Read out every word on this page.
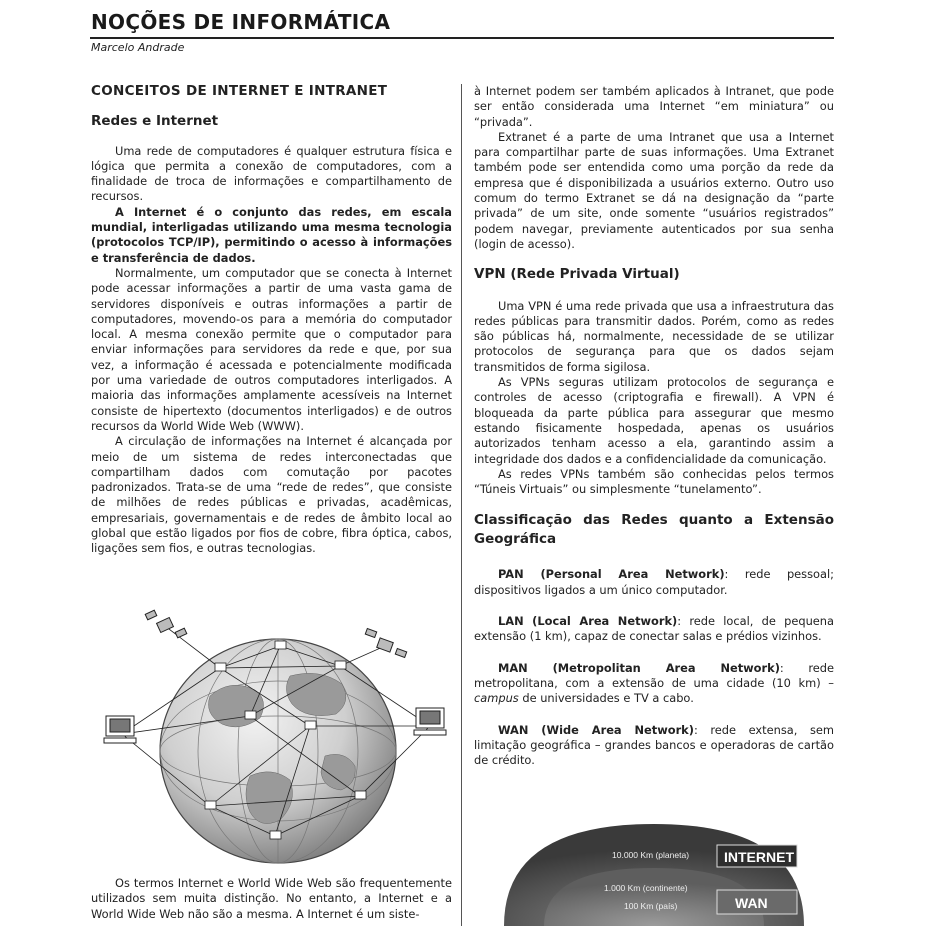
NOÇÕES DE INFORMÁTICA
Marcelo Andrade
CONCEITOS DE INTERNET E INTRANET
Redes e Internet

Uma rede de computadores é qualquer estrutura física e lógica que permita a conexão de computadores, com a finalidade de troca de informações e compartilhamento de recursos.

A Internet é o conjunto das redes, em escala mundial, interligadas utilizando uma mesma tecnologia (protocolos TCP/IP), permitindo o acesso à informações e transferência de dados.

Normalmente, um computador que se conecta à Internet pode acessar informações a partir de uma vasta gama de servidores disponíveis e outras informações a partir de computadores, movendo-os para a memória do computador local. A mesma conexão permite que o computador para enviar informações para servidores da rede e que, por sua vez, a informação é acessada e potencialmente modificada por uma variedade de outros computadores interligados. A maioria das informações amplamente acessíveis na Internet consiste de hipertexto (documentos interligados) e de outros recursos da World Wide Web (WWW).

A circulação de informações na Internet é alcançada por meio de um sistema de redes interconectadas que compartilham dados com comutação por pacotes padronizados. Trata-se de uma “rede de redes”, que consiste de milhões de redes públicas e privadas, acadêmicas, empresariais, governamentais e de redes de âmbito local ao global que estão ligados por fios de cobre, fibra óptica, cabos, ligações sem fios, e outras tecnologias.

Os termos Internet e World Wide Web são frequentemente utilizados sem muita distinção. No entanto, a Internet e a World Wide Web não são a mesma. A Internet é um siste-

à Internet podem ser também aplicados à Intranet, que pode ser então considerada uma Internet “em miniatura” ou “privada”.

Extranet é a parte de uma Intranet que usa a Internet para compartilhar parte de suas informações. Uma Extranet também pode ser entendida como uma porção da rede da empresa que é disponibilizada a usuários externo. Outro uso comum do termo Extranet se dá na designação da “parte privada” de um site, onde somente “usuários registrados” podem navegar, previamente autenticados por sua senha (login de acesso).

VPN (Rede Privada Virtual)

Uma VPN é uma rede privada que usa a infraestrutura das redes públicas para transmitir dados. Porém, como as redes são públicas há, normalmente, necessidade de se utilizar protocolos de segurança para que os dados sejam transmitidos de forma sigilosa.

As VPNs seguras utilizam protocolos de segurança e controles de acesso (criptografia e firewall). A VPN é bloqueada da parte pública para assegurar que mesmo estando fisicamente hospedada, apenas os usuários autorizados tenham acesso a ela, garantindo assim a integridade dos dados e a confidencialidade da comunicação.

As redes VPNs também são conhecidas pelos termos “Túneis Virtuais” ou simplesmente “tunelamento”.

Classificação das Redes quanto a Extensão Geográfica

PAN (Personal Area Network): rede pessoal; dispositivos ligados a um único computador.

LAN (Local Area Network): rede local, de pequena extensão (1 km), capaz de conectar salas e prédios vizinhos.

MAN (Metropolitan Area Network): rede metropolitana, com a extensão de uma cidade (10 km) – campus de universidades e TV a cabo.

WAN (Wide Area Network): rede extensa, sem limitação geográfica – grandes bancos e operadoras de cartão de crédito.

10.000 Km (planeta) INTERNET
1.000 Km (continente)
100 Km (país)	WAN
